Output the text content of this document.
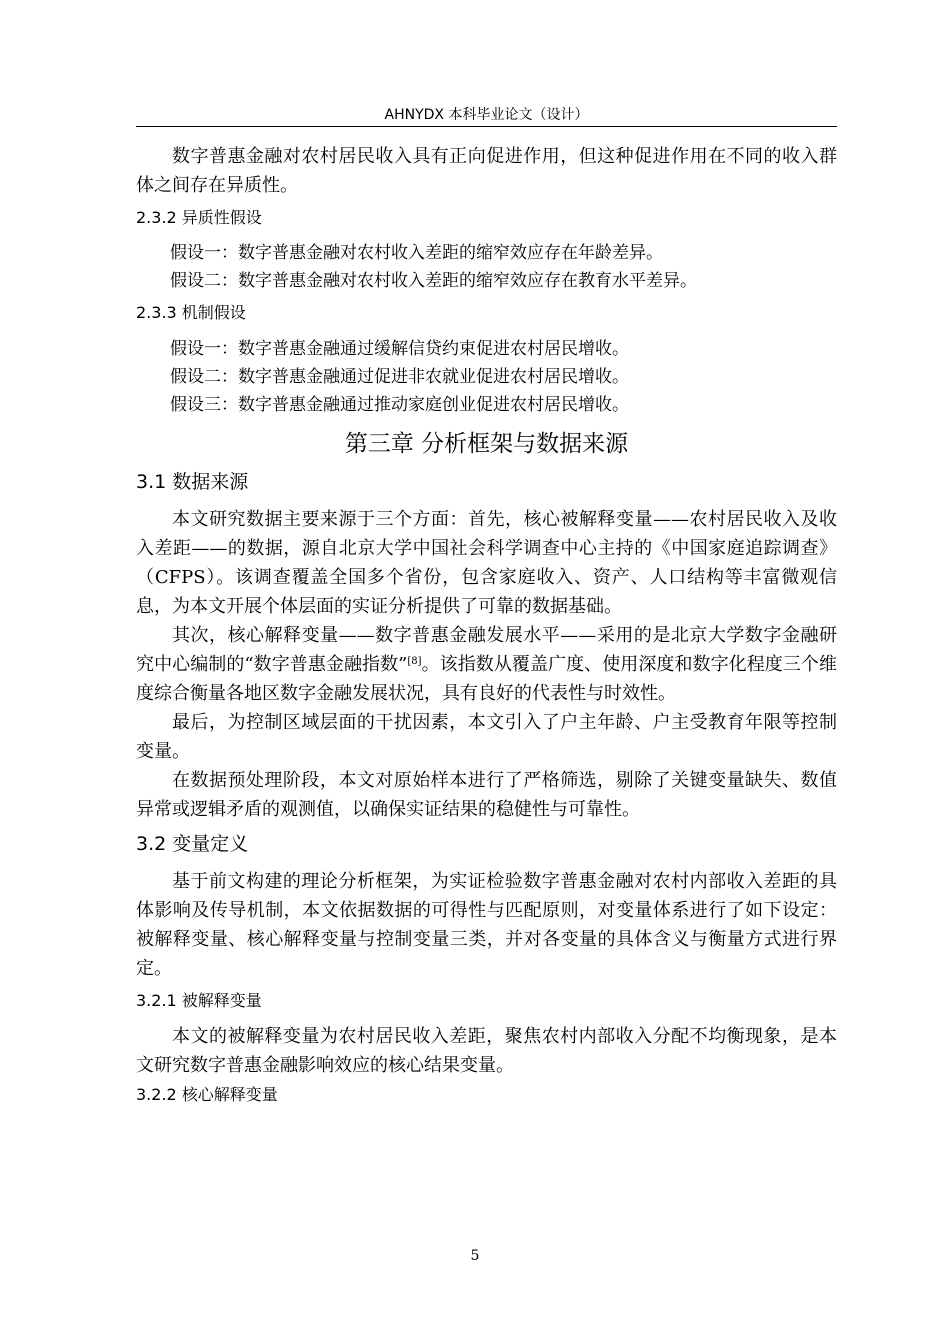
AHNYDX 本科毕业论文（设计）

数字普惠金融对农村居民收入具有正向促进作用，但这种促进作用在不同的收入群体之间存在异质性。

2.3.2 异质性假设

假设一：数字普惠金融对农村收入差距的缩窄效应存在年龄差异。

假设二：数字普惠金融对农村收入差距的缩窄效应存在教育水平差异。

2.3.3 机制假设

假设一：数字普惠金融通过缓解信贷约束促进农村居民增收。

假设二：数字普惠金融通过促进非农就业促进农村居民增收。

假设三：数字普惠金融通过推动家庭创业促进农村居民增收。

第三章 分析框架与数据来源
3.1 数据来源

本文研究数据主要来源于三个方面：首先，核心被解释变量——农村居民收入及收入差距——的数据，源自北京大学中国社会科学调查中心主持的《中国家庭追踪调查》（CFPS）。该调查覆盖全国多个省份，包含家庭收入、资产、人口结构等丰富微观信息，为本文开展个体层面的实证分析提供了可靠的数据基础。

其次，核心解释变量——数字普惠金融发展水平——采用的是北京大学数字金融研究中心编制的“数字普惠金融指数”[8]。该指数从覆盖广度、使用深度和数字化程度三个维度综合衡量各地区数字金融发展状况，具有良好的代表性与时效性。

最后，为控制区域层面的干扰因素，本文引入了户主年龄、户主受教育年限等控制变量。

在数据预处理阶段，本文对原始样本进行了严格筛选，剔除了关键变量缺失、数值异常或逻辑矛盾的观测值，以确保实证结果的稳健性与可靠性。

3.2 变量定义

基于前文构建的理论分析框架，为实证检验数字普惠金融对农村内部收入差距的具体影响及传导机制，本文依据数据的可得性与匹配原则，对变量体系进行了如下设定：被解释变量、核心解释变量与控制变量三类，并对各变量的具体含义与衡量方式进行界定。

3.2.1 被解释变量

本文的被解释变量为农村居民收入差距，聚焦农村内部收入分配不均衡现象，是本文研究数字普惠金融影响效应的核心结果变量。

3.2.2 核心解释变量
5
